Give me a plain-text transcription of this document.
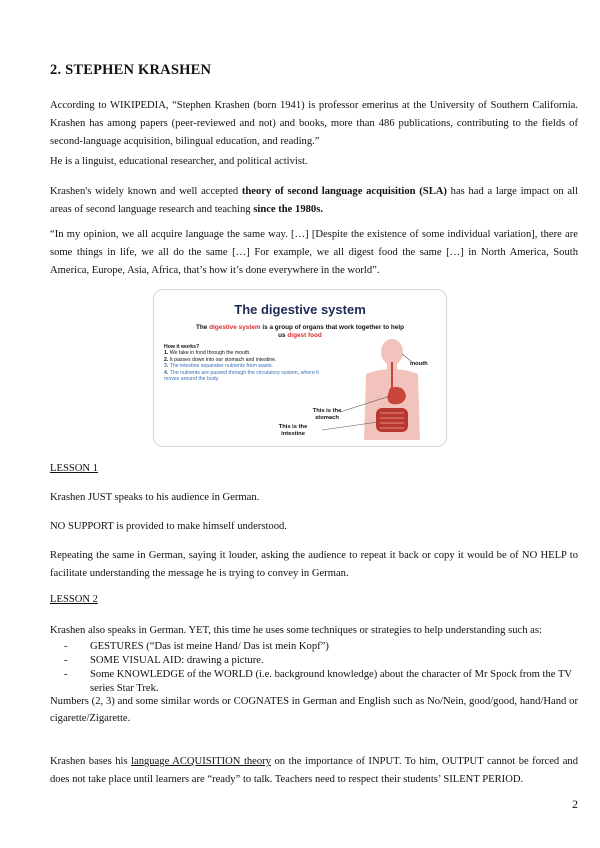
2. STEPHEN KRASHEN

According to WIKIPEDIA, “Stephen Krashen (born 1941) is professor emeritus at the University of Southern California. Krashen has among papers (peer-reviewed and not) and books, more than 486 publications, contributing to the fields of second-language acquisition, bilingual education, and reading.”

He is a linguist, educational researcher, and political activist.

Krashen's widely known and well accepted theory of second language acquisition (SLA) has had a large impact on all areas of second language research and teaching since the 1980s.

“In my opinion, we all acquire language the same way. […] [Despite the existence of some individual variation], there are some things in life, we all do the same […] For example, we all digest food the same […] in North America, South America, Europe, Asia, Africa, that’s how it’s done everywhere in the world”.

The digestive system

The digestive system is a group of organs that work together to help us digest food

How it works?
1. We take in food through the mouth.
2. It passes down into our stomach and intestine.
3. The intestine separates nutrients from waste.
4. The nutrients are passed through the circulatory system, where it moves around the body.

mouth

This is the stomach

This is the intestine

LESSON 1

Krashen JUST speaks to his audience in German.

NO SUPPORT is provided to make himself understood.

Repeating the same in German, saying it louder, asking the audience to repeat it back or copy it would be of NO HELP to facilitate understanding the message he is trying to convey in German.

LESSON 2

Krashen also speaks in German. YET, this time he uses some techniques or strategies to help understanding such as:

- GESTURES (“Das ist meine Hand/ Das ist mein Kopf”)
- SOME VISUAL AID: drawing a picture.
- Some KNOWLEDGE of the WORLD (i.e. background knowledge) about the character of Mr Spock from the TV series Star Trek.

Numbers (2, 3) and some similar words or COGNATES in German and English such as No/Nein, good/good, hand/Hand or cigarette/Zigarette.

Krashen bases his language ACQUISITION theory on the importance of INPUT. To him, OUTPUT cannot be forced and does not take place until learners are “ready” to talk. Teachers need to respect their students’ SILENT PERIOD.

2
